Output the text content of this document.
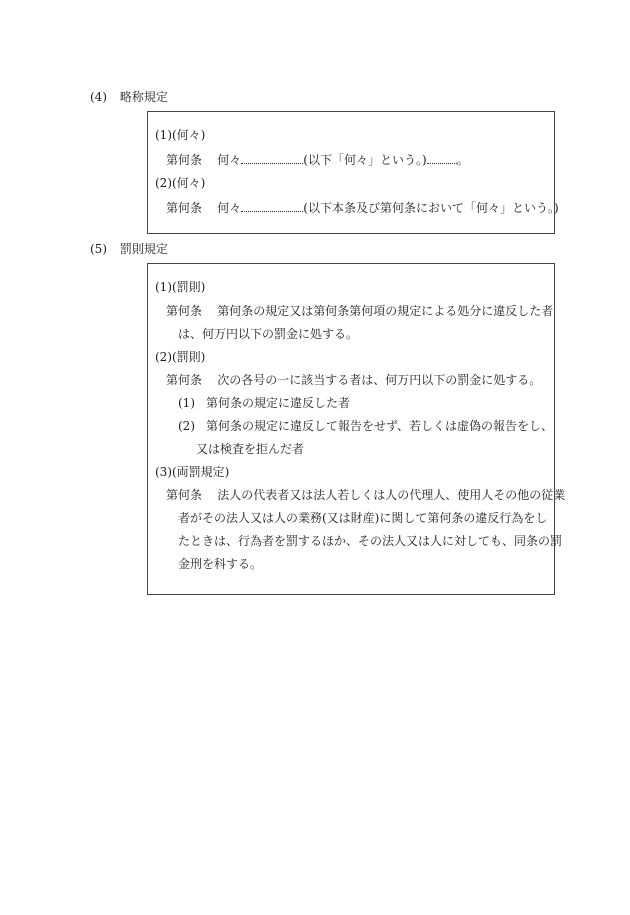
(4) 略称規定
(1)(何々)
第何条 何々	(以下「何々」という。)	。
(2)(何々)
第何条 何々	(以下本条及び第何条において「何々」という。)
(5) 罰則規定
(1)(罰則)
第何条 第何条の規定又は第何条第何項の規定による処分に違反した者
は、何万円以下の罰金に処する。
(2)(罰則)
第何条 次の各号の一に該当する者は、何万円以下の罰金に処する。
(1) 第何条の規定に違反した者
(2) 第何条の規定に違反して報告をせず、若しくは虚偽の報告をし、
又は検査を拒んだ者
(3)(両罰規定)
第何条 法人の代表者又は法人若しくは人の代理人、使用人その他の従業
者がその法人又は人の業務(又は財産)に関して第何条の違反行為をし
たときは、行為者を罰するほか、その法人又は人に対しても、同条の罰
金刑を科する。
